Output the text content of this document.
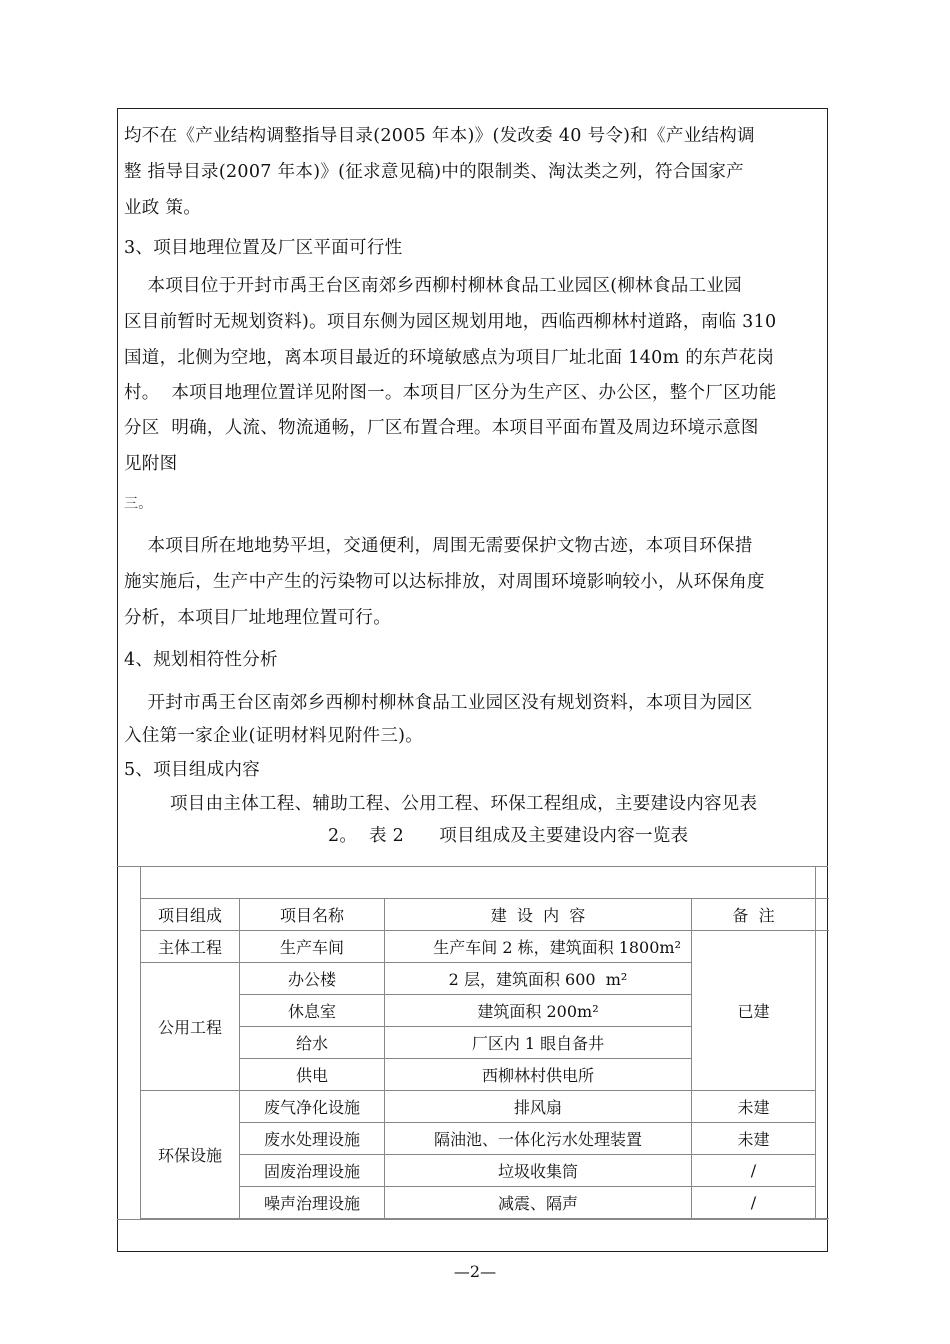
均不在《产业结构调整指导目录(2005 年本)》(发改委 40 号令)和《产业结构调
整 指导目录(2007 年本)》(征求意见稿)中的限制类、淘汰类之列，符合国家产
业政 策。
3、项目地理位置及厂区平面可行性
本项目位于开封市禹王台区南郊乡西柳村柳林食品工业园区(柳林食品工业园
区目前暂时无规划资料)。项目东侧为园区规划用地，西临西柳林村道路，南临 310
国道，北侧为空地，离本项目最近的环境敏感点为项目厂址北面 140m 的东芦花岗
村。  本项目地理位置详见附图一。本项目厂区分为生产区、办公区，整个厂区功能
分区  明确，人流、物流通畅，厂区布置合理。本项目平面布置及周边环境示意图
见附图
三。
本项目所在地地势平坦，交通便利，周围无需要保护文物古迹，本项目环保措
施实施后，生产中产生的污染物可以达标排放，对周围环境影响较小，从环保角度
分析，本项目厂址地理位置可行。
4、规划相符性分析
开封市禹王台区南郊乡西柳村柳林食品工业园区没有规划资料，本项目为园区
入住第一家企业(证明材料见附件三)。
5、项目组成内容
项目由主体工程、辅助工程、公用工程、环保工程组成，主要建设内容见表
2。  表 2      项目组成及主要建设内容一览表
项目组成	项目名称	建  设  内  容	备  注	
主体工程	生产车间	生产车间 2 栋，建筑面积 1800m²	已建	
公用工程	办公楼	2 层，建筑面积 600  m²		
	休息室	建筑面积 200m²		
	给水	厂区内 1 眼自备井		
	供电	西柳林村供电所		
环保设施	废气净化设施	排风扇	未建	
	废水处理设施	隔油池、一体化污水处理装置	未建	
	固废治理设施	垃圾收集筒	/	
	噪声治理设施	减震、隔声	/	
—2—
